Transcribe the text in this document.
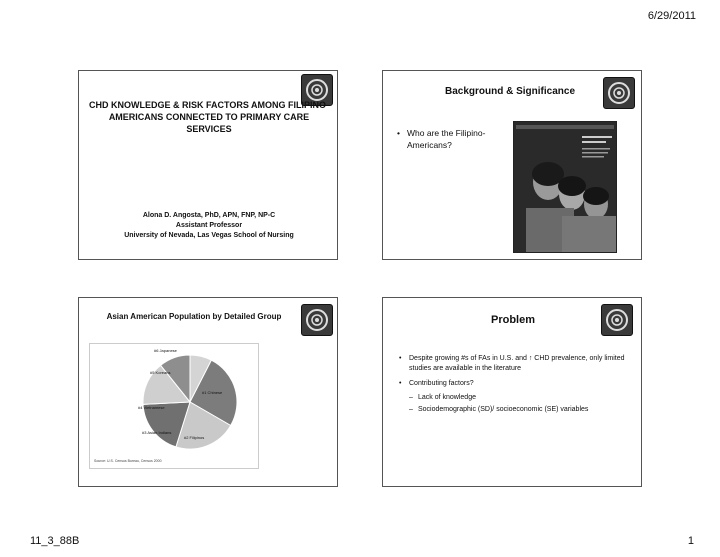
6/29/2011
CHD KNOWLEDGE & RISK FACTORS AMONG FILIPINO-AMERICANS CONNECTED TO PRIMARY CARE SERVICES
Alona D. Angosta, PhD, APN, FNP, NP-C
Assistant Professor
University of Nevada, Las Vegas School of Nursing
Background & Significance
• Who are the Filipino-Americans?
Asian American Population by Detailed Group
#6 Japanese
#1 Chinese
#2 Filipinos
#3 Asian Indians
#4 Vietnamese
#5 Koreans
Source: U.S. Census Bureau, Census 2000
Problem
•	Despite growing #s of FAs in U.S. and ↑ CHD prevalence, only limited studies are available in the literature
•	Contributing factors?
– Lack of knowledge
– Sociodemographic (SD)/ socioeconomic (SE) variables
11_3_88B	1
